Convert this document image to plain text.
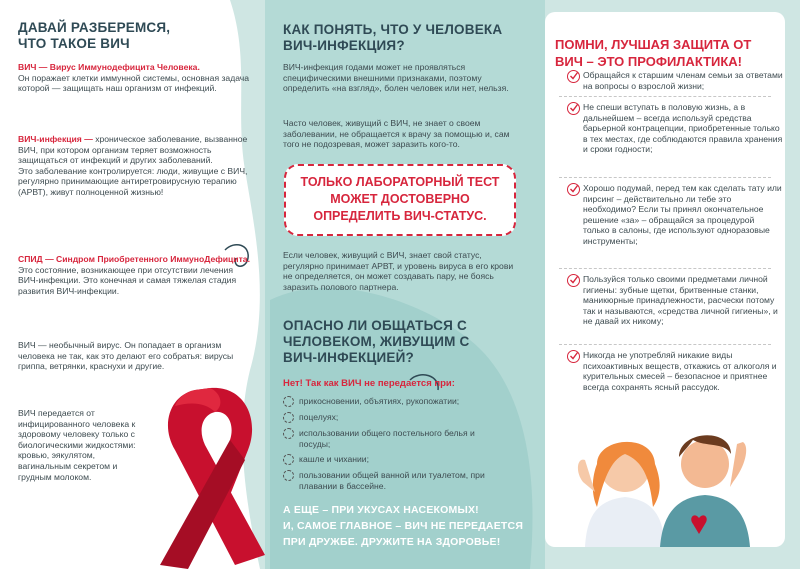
ДАВАЙ РАЗБЕРЕМСЯ, ЧТО ТАКОЕ ВИЧ
ВИЧ — Вирус Иммунодефицита Человека.
Он поражает клетки иммунной системы, основная задача которой — защищать наш организм от инфекций.
ВИЧ-инфекция — хроническое заболевание, вызванное ВИЧ, при котором организм теряет возможность защищаться от инфекций и других заболеваний.
Это заболевание контролируется: люди, живущие с ВИЧ, регулярно принимающие антиретровирусную терапию (АРВТ), живут полноценной жизнью!
СПИД — Синдром Приобретенного ИммуноДефицита.
Это состояние, возникающее при отсутствии лечения ВИЧ-инфекции. Это конечная и самая тяжелая стадия развития ВИЧ-инфекции.
ВИЧ — необычный вирус. Он попадает в организм человека не так, как это делают его собратья: вирусы гриппа, ветрянки, краснухи и другие.
ВИЧ передается от инфицированного человека к здоровому человеку только с биологическими жидкостями: кровью, эякулятом, вагинальным секретом и грудным молоком.
КАК ПОНЯТЬ, ЧТО У ЧЕЛОВЕКА ВИЧ-ИНФЕКЦИЯ?
ВИЧ-инфекция годами может не проявляться специфическими внешними признаками, поэтому определить «на взгляд», болен человек или нет, нельзя.
Часто человек, живущий с ВИЧ, не знает о своем заболевании, не обращается к врачу за помощью и, сам того не подозревая, может заразить кого-то.
ТОЛЬКО ЛАБОРАТОРНЫЙ ТЕСТ МОЖЕТ ДОСТОВЕРНО ОПРЕДЕЛИТЬ ВИЧ-СТАТУС.
Если человек, живущий с ВИЧ, знает свой статус, регулярно принимает АРВТ, и уровень вируса в его крови не определяется, он может создавать пару, не боясь заразить полового партнера.
ОПАСНО ЛИ ОБЩАТЬСЯ С ЧЕЛОВЕКОМ, ЖИВУЩИМ С ВИЧ-ИНФЕКЦИЕЙ?
Нет! Так как ВИЧ не передается при:
прикосновении, объятиях, рукопожатии;
поцелуях;
использовании общего постельного белья и посуды;
кашле и чихании;
пользовании общей ванной или туалетом, при плавании в бассейне.
А ЕЩЕ – ПРИ УКУСАХ НАСЕКОМЫХ!
И, САМОЕ ГЛАВНОЕ – ВИЧ НЕ ПЕРЕДАЕТСЯ
ПРИ ДРУЖБЕ. ДРУЖИТЕ НА ЗДОРОВЬЕ!
ПОМНИ, ЛУЧШАЯ ЗАЩИТА ОТ ВИЧ – ЭТО ПРОФИЛАКТИКА!
Обращайся к старшим членам семьи за ответами на вопросы о взрослой жизни;
Не спеши вступать в половую жизнь, а в дальнейшем – всегда используй средства барьерной контрацепции, приобретенные только в тех местах, где соблюдаются правила хранения и сроки годности;
Хорошо подумай, перед тем как сделать тату или пирсинг – действительно ли тебе это необходимо? Если ты принял окончательное решение «за» – обращайся за процедурой только в салоны, где используют одноразовые инструменты;
Пользуйся только своими предметами личной гигиены: зубные щетки, бритвенные станки, маникюрные принадлежности, расчески потому так и называются, «средства личной гигиены», и не давай их никому;
Никогда не употребляй никакие виды психоактивных веществ, откажись от алкоголя и курительных смесей – безопасное и приятнее всегда сохранять ясный рассудок.
